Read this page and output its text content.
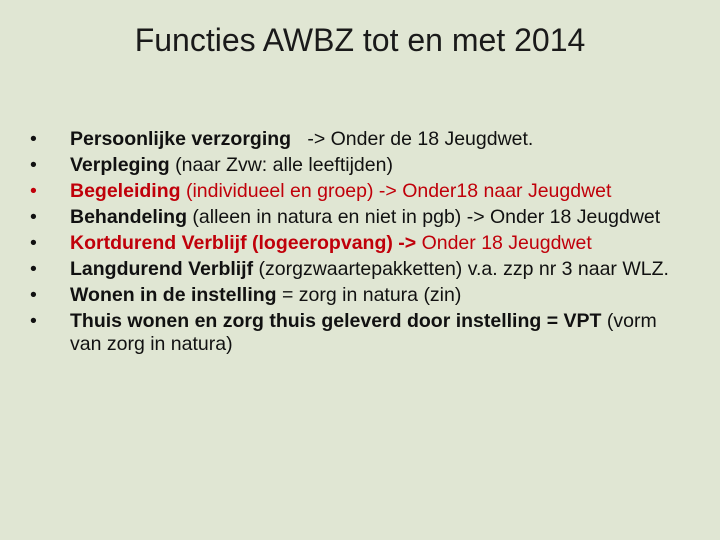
Functies AWBZ tot en met 2014
• Persoonlijke verzorging -> Onder de 18 Jeugdwet.
• Verpleging (naar Zvw: alle leeftijden)
• Begeleiding (individueel en groep) -> Onder18 naar Jeugdwet
• Behandeling (alleen in natura en niet in pgb) -> Onder 18 Jeugdwet
• Kortdurend Verblijf (logeeropvang) -> Onder 18 Jeugdwet
• Langdurend Verblijf (zorgzwaartepakketten) v.a. zzp nr 3 naar WLZ.
• Wonen in de instelling = zorg in natura (zin)
• Thuis wonen en zorg thuis geleverd door instelling = VPT (vorm van zorg in natura)
